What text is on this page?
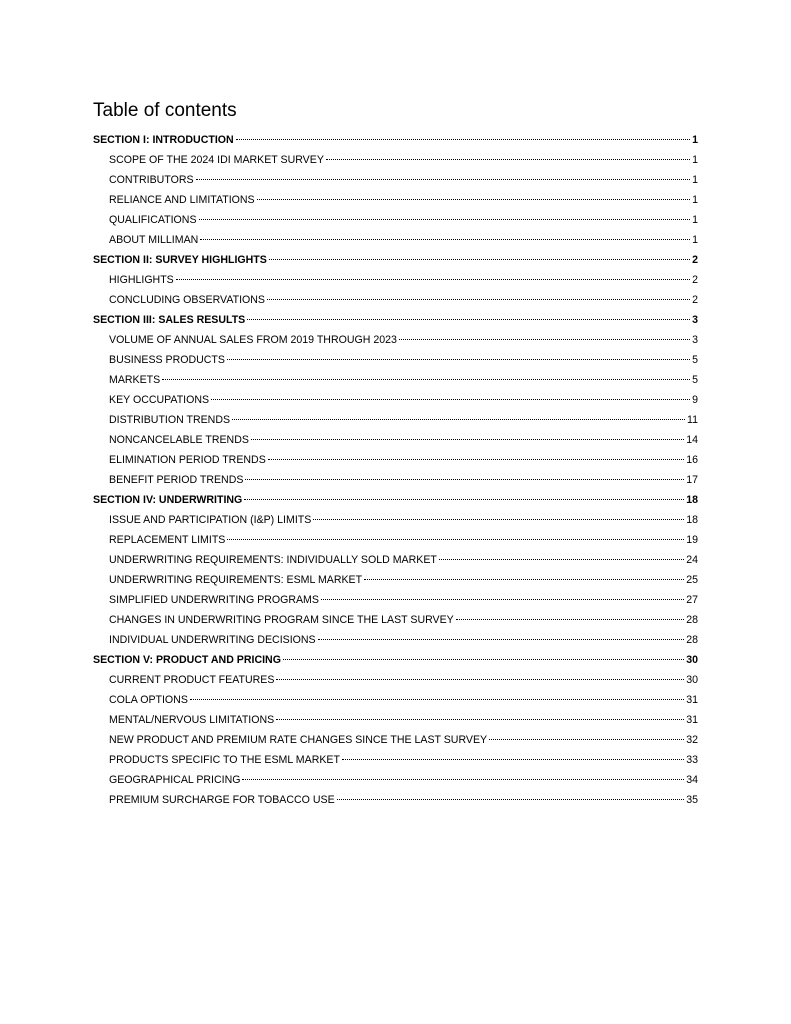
Table of contents
SECTION I: INTRODUCTION	1
SCOPE OF THE 2024 IDI MARKET SURVEY	1
CONTRIBUTORS	1
RELIANCE AND LIMITATIONS	1
QUALIFICATIONS	1
ABOUT MILLIMAN	1
SECTION II: SURVEY HIGHLIGHTS	2
HIGHLIGHTS	2
CONCLUDING OBSERVATIONS	2
SECTION III: SALES RESULTS	3
VOLUME OF ANNUAL SALES FROM 2019 THROUGH 2023	3
BUSINESS PRODUCTS	5
MARKETS	5
KEY OCCUPATIONS	9
DISTRIBUTION TRENDS	11
NONCANCELABLE TRENDS	14
ELIMINATION PERIOD TRENDS	16
BENEFIT PERIOD TRENDS	17
SECTION IV: UNDERWRITING	18
ISSUE AND PARTICIPATION (I&P) LIMITS	18
REPLACEMENT LIMITS	19
UNDERWRITING REQUIREMENTS: INDIVIDUALLY SOLD MARKET	24
UNDERWRITING REQUIREMENTS: ESML MARKET	25
SIMPLIFIED UNDERWRITING PROGRAMS	27
CHANGES IN UNDERWRITING PROGRAM SINCE THE LAST SURVEY	28
INDIVIDUAL UNDERWRITING DECISIONS	28
SECTION V: PRODUCT AND PRICING	30
CURRENT PRODUCT FEATURES	30
COLA OPTIONS	31
MENTAL/NERVOUS LIMITATIONS	31
NEW PRODUCT AND PREMIUM RATE CHANGES SINCE THE LAST SURVEY	32
PRODUCTS SPECIFIC TO THE ESML MARKET	33
GEOGRAPHICAL PRICING	34
PREMIUM SURCHARGE FOR TOBACCO USE	35
